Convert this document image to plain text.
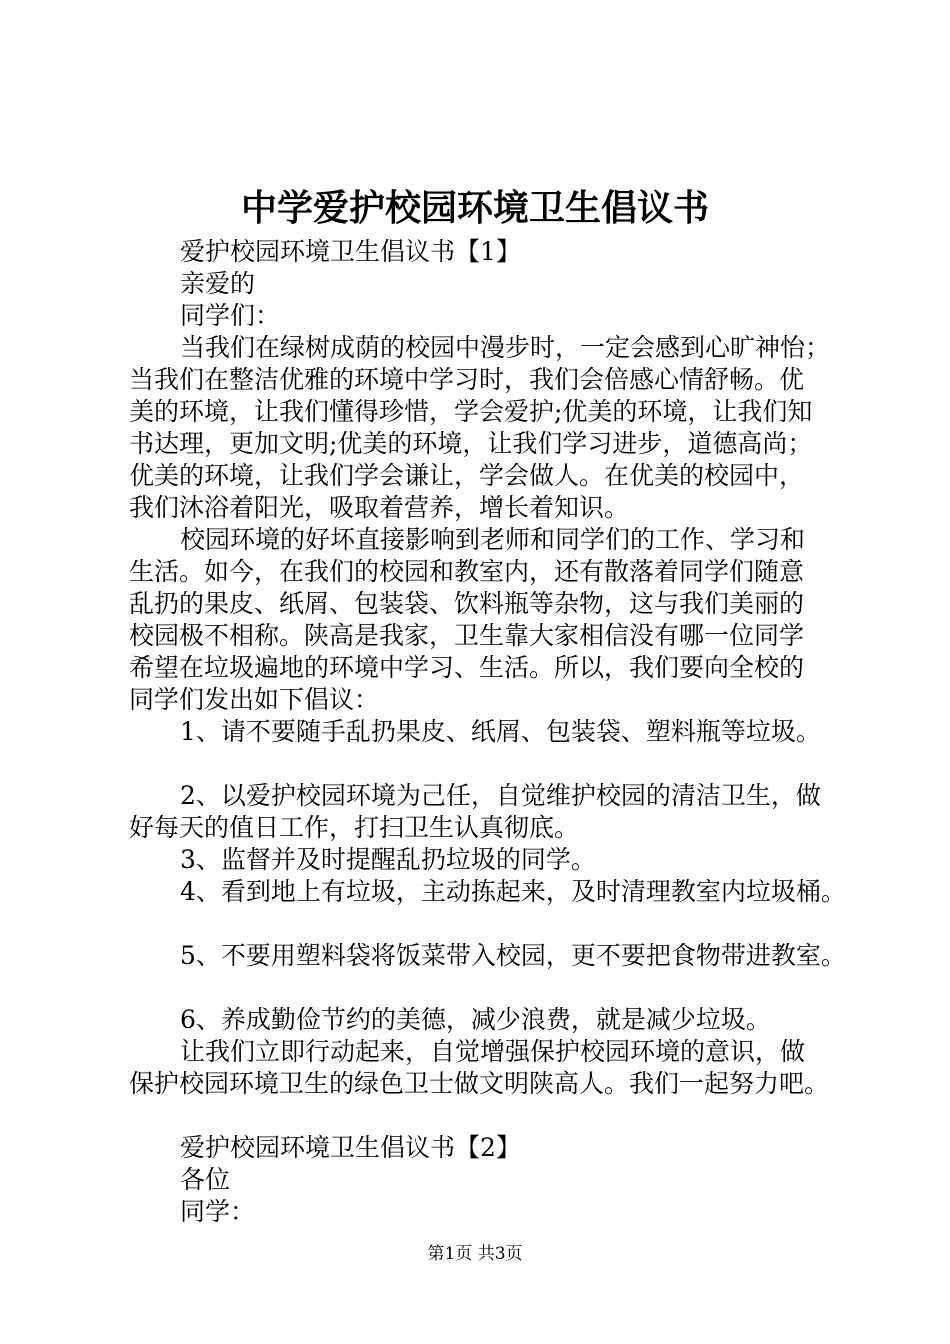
中学爱护校园环境卫生倡议书
爱护校园环境卫生倡议书【1】
亲爱的
同学们：
当我们在绿树成荫的校园中漫步时，一定会感到心旷神怡；
当我们在整洁优雅的环境中学习时，我们会倍感心情舒畅。优
美的环境，让我们懂得珍惜，学会爱护;优美的环境，让我们知
书达理，更加文明;优美的环境，让我们学习进步，道德高尚；
优美的环境，让我们学会谦让，学会做人。在优美的校园中，
我们沐浴着阳光，吸取着营养，增长着知识。
校园环境的好坏直接影响到老师和同学们的工作、学习和
生活。如今，在我们的校园和教室内，还有散落着同学们随意
乱扔的果皮、纸屑、包装袋、饮料瓶等杂物，这与我们美丽的
校园极不相称。陕高是我家，卫生靠大家相信没有哪一位同学
希望在垃圾遍地的环境中学习、生活。所以，我们要向全校的
同学们发出如下倡议：
1、请不要随手乱扔果皮、纸屑、包装袋、塑料瓶等垃圾。
2、以爱护校园环境为己任，自觉维护校园的清洁卫生，做
好每天的值日工作，打扫卫生认真彻底。
3、监督并及时提醒乱扔垃圾的同学。
4、看到地上有垃圾，主动拣起来，及时清理教室内垃圾桶。
5、不要用塑料袋将饭菜带入校园，更不要把食物带进教室。
6、养成勤俭节约的美德，减少浪费，就是减少垃圾。
让我们立即行动起来，自觉增强保护校园环境的意识，做
保护校园环境卫生的绿色卫士做文明陕高人。我们一起努力吧。
爱护校园环境卫生倡议书【2】
各位
同学：
第1页 共3页
